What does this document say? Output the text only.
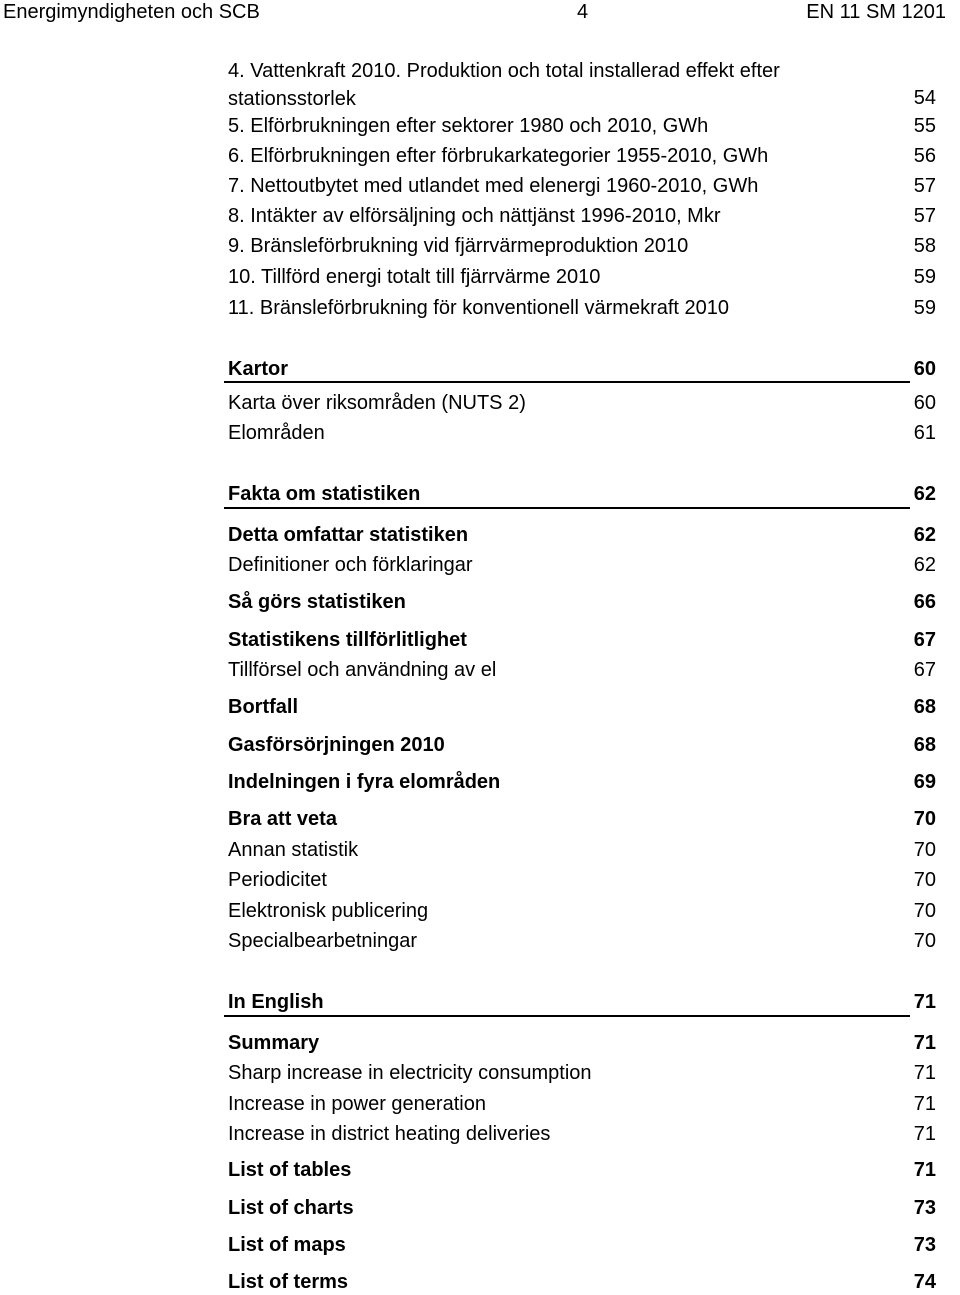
Energimyndigheten och SCB	4	EN 11 SM 1201
4. Vattenkraft 2010. Produktion och total installerad effekt efter stationsstorlek	54
5. Elförbrukningen efter sektorer 1980 och 2010, GWh	55
6. Elförbrukningen efter förbrukarkategorier 1955-2010, GWh	56
7. Nettoutbytet med utlandet med elenergi 1960-2010, GWh	57
8. Intäkter av elförsäljning och nättjänst 1996-2010, Mkr	57
9. Bränsleförbrukning vid fjärrvärmeproduktion 2010	58
10. Tillförd energi totalt till fjärrvärme 2010	59
11. Bränsleförbrukning för konventionell värmekraft 2010	59
Kartor	60
Karta över riksområden (NUTS 2)	60
Elområden	61
Fakta om statistiken	62
Detta omfattar statistiken	62
Definitioner och förklaringar	62
Så görs statistiken	66
Statistikens tillförlitlighet	67
Tillförsel och användning av el	67
Bortfall	68
Gasförsörjningen 2010	68
Indelningen i fyra elområden	69
Bra att veta	70
Annan statistik	70
Periodicitet	70
Elektronisk publicering	70
Specialbearbetningar	70
In English	71
Summary	71
Sharp increase in electricity consumption	71
Increase in power generation	71
Increase in district heating deliveries	71
List of tables	71
List of charts	73
List of maps	73
List of terms	74
